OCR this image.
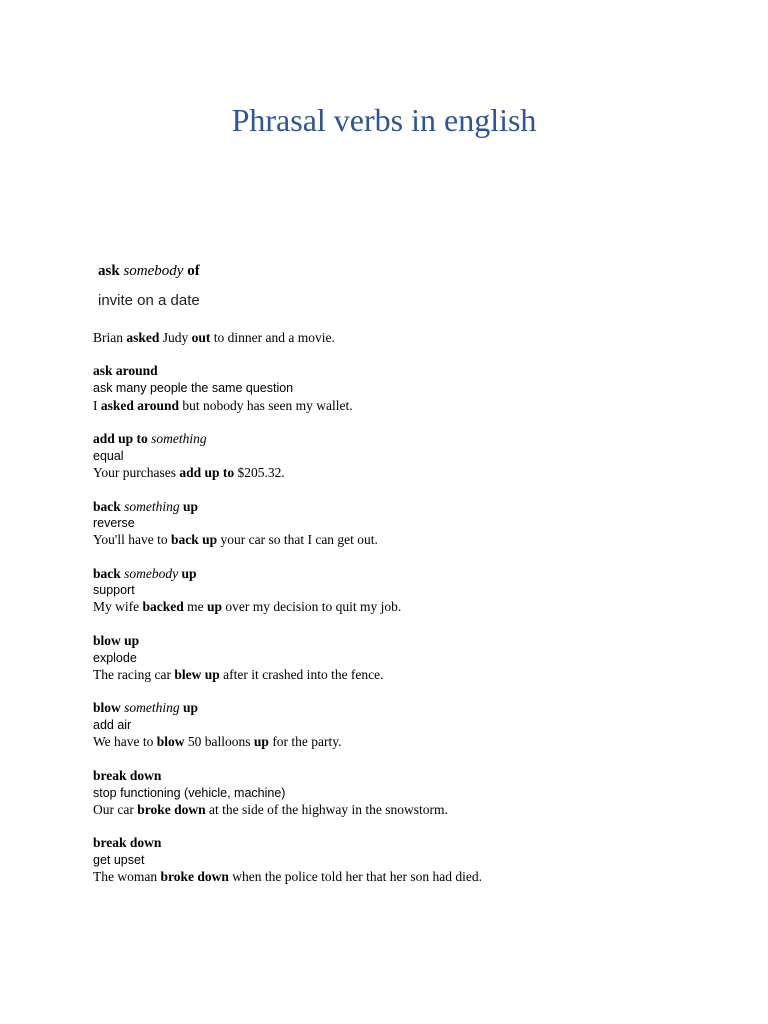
Phrasal verbs in english
ask somebody of
invite on a date
Brian asked Judy out to dinner and a movie.
ask around
ask many people the same question
I asked around but nobody has seen my wallet.
add up to something
equal
Your purchases add up to $205.32.
back something up
reverse
You'll have to back up your car so that I can get out.
back somebody up
support
My wife backed me up over my decision to quit my job.
blow up
explode
The racing car blew up after it crashed into the fence.
blow something up
add air
We have to blow 50 balloons up for the party.
break down
stop functioning (vehicle, machine)
Our car broke down at the side of the highway in the snowstorm.
break down
get upset
The woman broke down when the police told her that her son had died.
